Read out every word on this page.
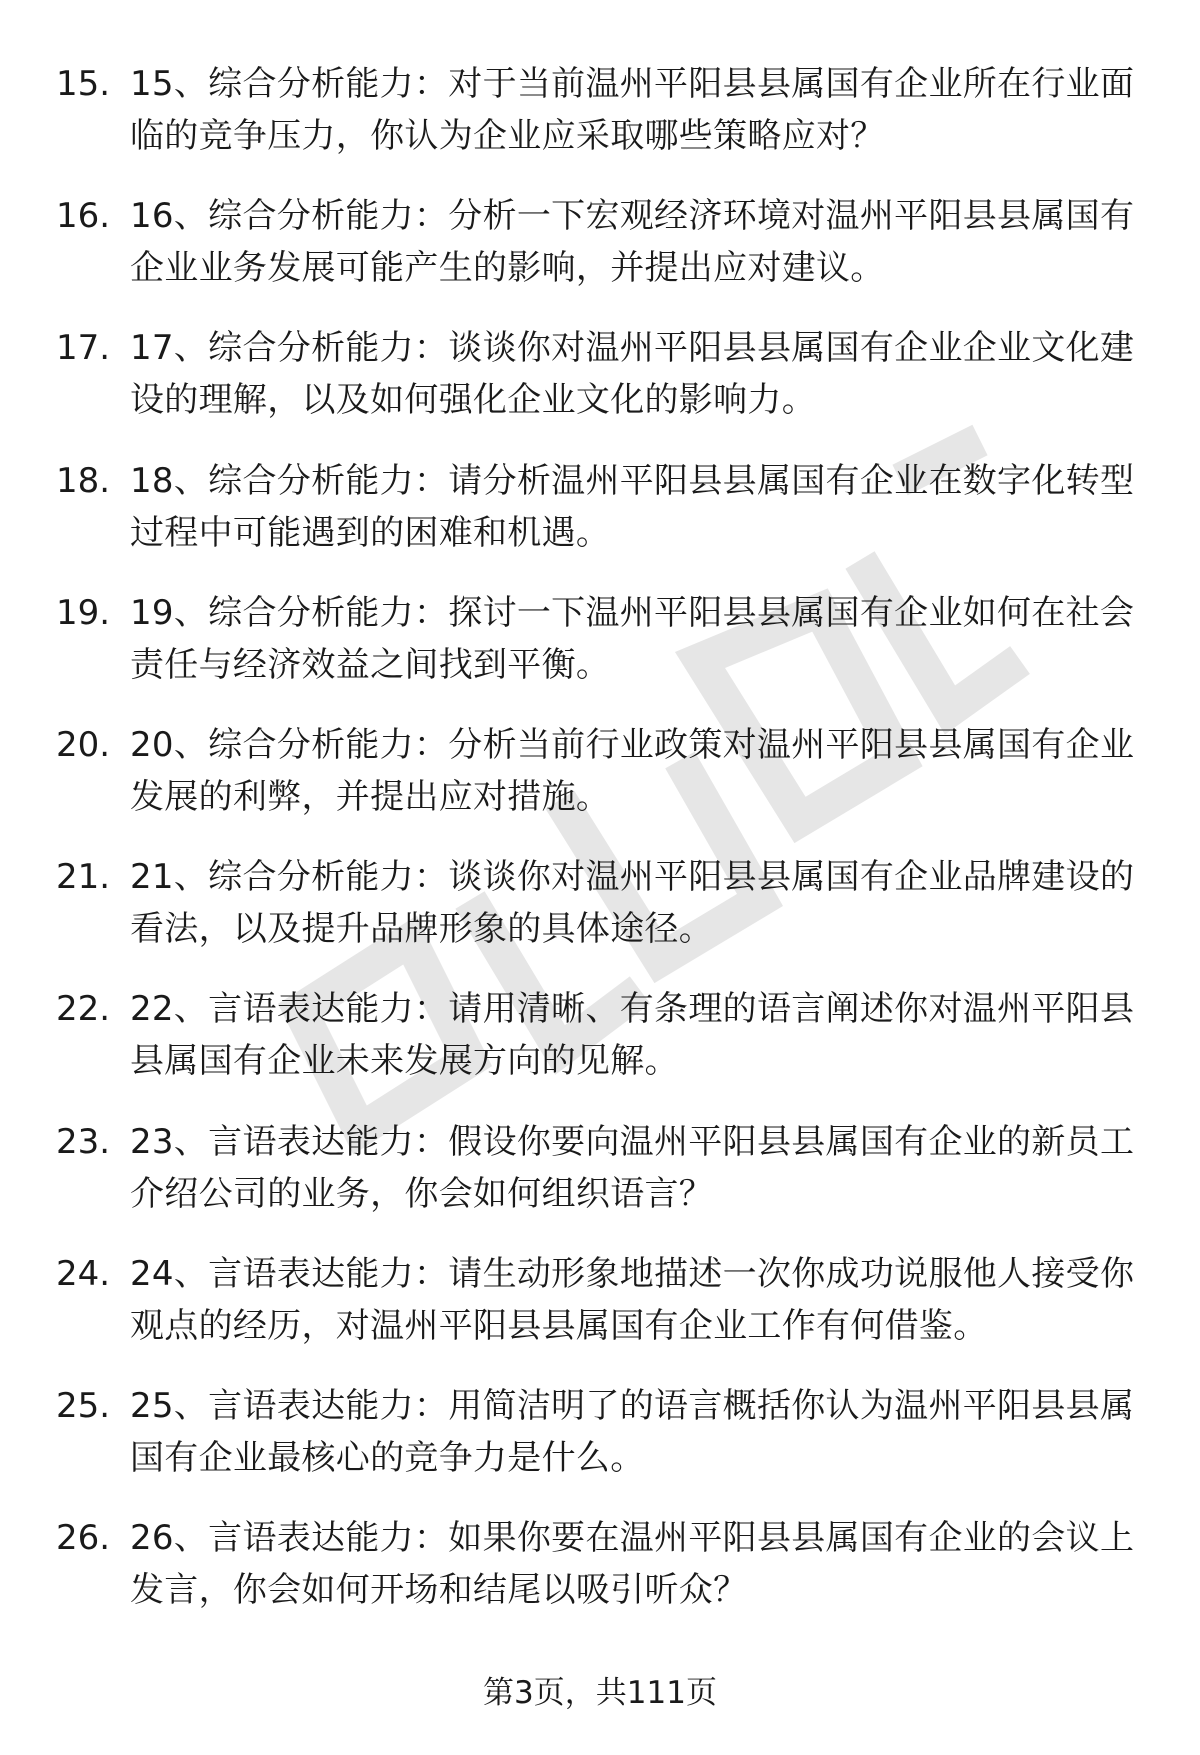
15. 15、综合分析能力：对于当前温州平阳县县属国有企业所在行业面临的竞争压力，你认为企业应采取哪些策略应对？
16. 16、综合分析能力：分析一下宏观经济环境对温州平阳县县属国有企业业务发展可能产生的影响，并提出应对建议。
17. 17、综合分析能力：谈谈你对温州平阳县县属国有企业企业文化建设的理解，以及如何强化企业文化的影响力。
18. 18、综合分析能力：请分析温州平阳县县属国有企业在数字化转型过程中可能遇到的困难和机遇。
19. 19、综合分析能力：探讨一下温州平阳县县属国有企业如何在社会责任与经济效益之间找到平衡。
20. 20、综合分析能力：分析当前行业政策对温州平阳县县属国有企业发展的利弊，并提出应对措施。
21. 21、综合分析能力：谈谈你对温州平阳县县属国有企业品牌建设的看法，以及提升品牌形象的具体途径。
22. 22、言语表达能力：请用清晰、有条理的语言阐述你对温州平阳县县属国有企业未来发展方向的见解。
23. 23、言语表达能力：假设你要向温州平阳县县属国有企业的新员工介绍公司的业务，你会如何组织语言？
24. 24、言语表达能力：请生动形象地描述一次你成功说服他人接受你观点的经历，对温州平阳县县属国有企业工作有何借鉴。
25. 25、言语表达能力：用简洁明了的语言概括你认为温州平阳县县属国有企业最核心的竞争力是什么。
26. 26、言语表达能力：如果你要在温州平阳县县属国有企业的会议上发言，你会如何开场和结尾以吸引听众？
第3页，共111页
